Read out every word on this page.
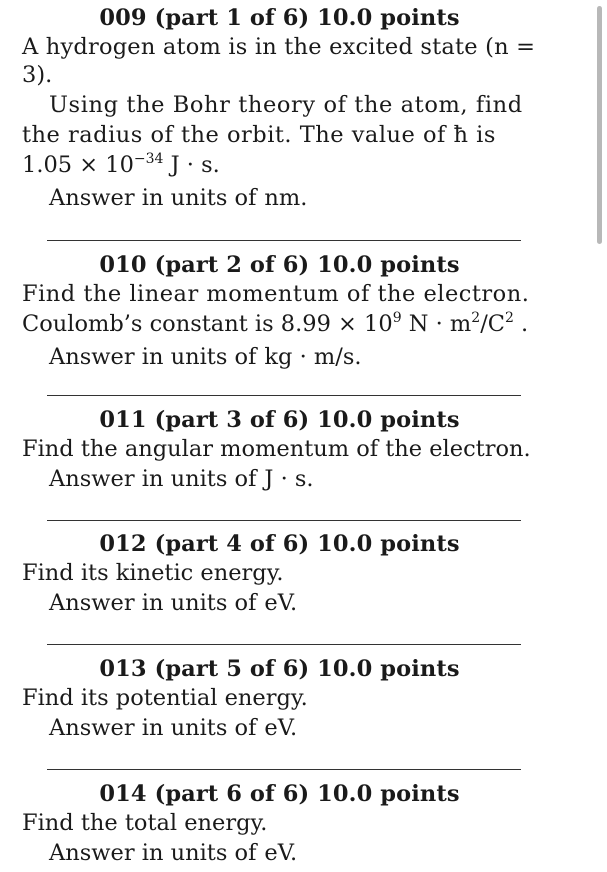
009 (part 1 of 6) 10.0 points
A hydrogen atom is in the excited state (n =
3).
Using the Bohr theory of the atom, find
the radius of the orbit. The value of ħ is
$1.05 \times 10^{-34}$ J · s.
Answer in units of nm.
010 (part 2 of 6) 10.0 points
Find the linear momentum of the electron.
Coulomb’s constant is $8.99 \times 10^9$ $N \cdot m^2/C^2$ .
Answer in units of kg · m/s.
011 (part 3 of 6) 10.0 points
Find the angular momentum of the electron.
Answer in units of J · s.
012 (part 4 of 6) 10.0 points
Find its kinetic energy.
Answer in units of eV.
013 (part 5 of 6) 10.0 points
Find its potential energy.
Answer in units of eV.
014 (part 6 of 6) 10.0 points
Find the total energy.
Answer in units of eV.
